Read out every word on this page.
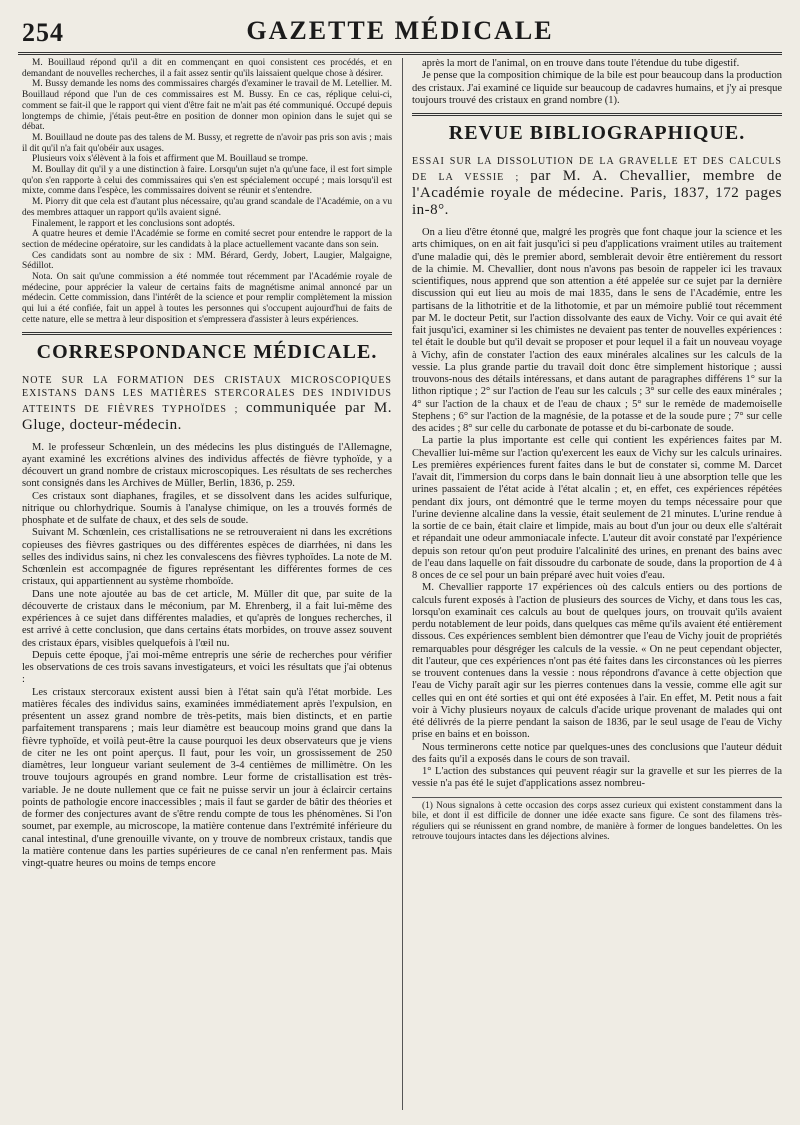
254	GAZETTE MÉDICALE

M. Bouillaud répond qu'il a dit en commençant en quoi consistent ces procédés, et en demandant de nouvelles recherches, il a fait assez sentir qu'ils laissaient quelque chose à désirer.

M. Bussy demande les noms des commissaires chargés d'examiner le travail de M. Letellier. M. Bouillaud répond que l'un de ces commissaires est M. Bussy. En ce cas, réplique celui-ci, comment se fait-il que le rapport qui vient d'être fait ne m'ait pas été communiqué. Occupé depuis longtemps de chimie, j'étais peut-être en position de donner mon opinion dans le sujet qui se débat.

M. Bouillaud ne doute pas des talens de M. Bussy, et regrette de n'avoir pas pris son avis ; mais il dit qu'il n'a fait qu'obéir aux usages.

Plusieurs voix s'élèvent à la fois et affirment que M. Bouillaud se trompe.

M. Boullay dit qu'il y a une distinction à faire. Lorsqu'un sujet n'a qu'une face, il est fort simple qu'on s'en rapporte à celui des commissaires qui s'en est spécialement occupé ; mais lorsqu'il est mixte, comme dans l'espèce, les commissaires doivent se réunir et s'entendre.

M. Piorry dit que cela est d'autant plus nécessaire, qu'au grand scandale de l'Académie, on a vu des membres attaquer un rapport qu'ils avaient signé.

Finalement, le rapport et les conclusions sont adoptés.

A quatre heures et demie l'Académie se forme en comité secret pour entendre le rapport de la section de médecine opératoire, sur les candidats à la place actuellement vacante dans son sein.

Ces candidats sont au nombre de six : MM. Bérard, Gerdy, Jobert, Laugier, Malgaigne, Sédillot.

Nota. On sait qu'une commission a été nommée tout récemment par l'Académie royale de médecine, pour apprécier la valeur de certains faits de magnétisme animal annoncé par un médecin. Cette commission, dans l'intérêt de la science et pour remplir complètement la mission qui lui a été confiée, fait un appel à toutes les personnes qui s'occupent aujourd'hui de faits de cette nature, elle se mettra à leur disposition et s'empressera d'assister à leurs expériences.

CORRESPONDANCE MÉDICALE.
NOTE SUR LA FORMATION DES CRISTAUX MICROSCOPIQUES EXISTANS DANS LES MATIÈRES STERCORALES DES INDIVIDUS ATTEINTS DE FIÈVRES TYPHOÏDES ; communiquée par M. Gluge, docteur-médecin.

M. le professeur Schœnlein, un des médecins les plus distingués de l'Allemagne, ayant examiné les excrétions alvines des individus affectés de fièvre typhoïde, y a découvert un grand nombre de cristaux microscopiques. Les résultats de ses recherches sont consignés dans les Archives de Müller, Berlin, 1836, p. 259.

Ces cristaux sont diaphanes, fragiles, et se dissolvent dans les acides sulfurique, nitrique ou chlorhydrique. Soumis à l'analyse chimique, on les a trouvés formés de phosphate et de sulfate de chaux, et des sels de soude.

Suivant M. Schœnlein, ces cristallisations ne se retrouveraient ni dans les excrétions copieuses des fièvres gastriques ou des différentes espèces de diarrhées, ni dans les selles des individus sains, ni chez les convalescens des fièvres typhoïdes. La note de M. Schœnlein est accompagnée de figures représentant les différentes formes de ces cristaux, qui appartiennent au système rhomboïde.

Dans une note ajoutée au bas de cet article, M. Müller dit que, par suite de la découverte de cristaux dans le méconium, par M. Ehrenberg, il a fait lui-même des expériences à ce sujet dans différentes maladies, et qu'après de longues recherches, il est arrivé à cette conclusion, que dans certains états morbides, on trouve assez souvent des cristaux épars, visibles quelquefois à l'œil nu.

Depuis cette époque, j'ai moi-même entrepris une série de recherches pour vérifier les observations de ces trois savans investigateurs, et voici les résultats que j'ai obtenus :

Les cristaux stercoraux existent aussi bien à l'état sain qu'à l'état morbide. Les matières fécales des individus sains, examinées immédiatement après l'expulsion, en présentent un assez grand nombre de très-petits, mais bien distincts, et en partie parfaitement transparens ; mais leur diamètre est beaucoup moins grand que dans la fièvre typhoïde, et voilà peut-être la cause pourquoi les deux observateurs que je viens de citer ne les ont point aperçus. Il faut, pour les voir, un grossissement de 250 diamètres, leur longueur variant seulement de 3-4 centièmes de millimètre. On les trouve toujours agroupés en grand nombre. Leur forme de cristallisation est très-variable. Je ne doute nullement que ce fait ne puisse servir un jour à éclaircir certains points de pathologie encore inaccessibles ; mais il faut se garder de bâtir des théories et de former des conjectures avant de s'être rendu compte de tous les phénomènes. Si l'on soumet, par exemple, au microscope, la matière contenue dans l'extrémité inférieure du canal intestinal, d'une grenouille vivante, on y trouve de nombreux cristaux, tandis que la matière contenue dans les parties supérieures de ce canal n'en renferment pas. Mais vingt-quatre heures ou moins de temps encore

après la mort de l'animal, on en trouve dans toute l'étendue du tube digestif.

Je pense que la composition chimique de la bile est pour beaucoup dans la production des cristaux. J'ai examiné ce liquide sur beaucoup de cadavres humains, et j'y ai presque toujours trouvé des cristaux en grand nombre (1).

REVUE BIBLIOGRAPHIQUE.
ESSAI SUR LA DISSOLUTION DE LA GRAVELLE ET DES CALCULS DE LA VESSIE ; par M. A. Chevallier, membre de l'Académie royale de médecine. Paris, 1837, 172 pages in-8°.

On a lieu d'être étonné que, malgré les progrès que font chaque jour la science et les arts chimiques, on en ait fait jusqu'ici si peu d'applications vraiment utiles au traitement d'une maladie qui, dès le premier abord, semblerait devoir être entièrement du ressort de la chimie. M. Chevallier, dont nous n'avons pas besoin de rappeler ici les travaux scientifiques, nous apprend que son attention a été appelée sur ce sujet par la dernière discussion qui eut lieu au mois de mai 1835, dans le sens de l'Académie, entre les partisans de la lithotritie et de la lithotomie, et par un mémoire publié tout récemment par M. le docteur Petit, sur l'action dissolvante des eaux de Vichy. Voir ce qui avait été fait jusqu'ici, examiner si les chimistes ne devaient pas tenter de nouvelles expériences : tel était le double but qu'il devait se proposer et pour lequel il a fait un nouveau voyage à Vichy, afin de constater l'action des eaux minérales alcalines sur les calculs de la vessie. La plus grande partie du travail doit donc être simplement historique ; aussi trouvons-nous des détails intéressans, et dans autant de paragraphes différens 1° sur la lithon riptique ; 2° sur l'action de l'eau sur les calculs ; 3° sur celle des eaux minérales ; 4° sur l'action de la chaux et de l'eau de chaux ; 5° sur le remède de mademoiselle Stephens ; 6° sur l'action de la magnésie, de la potasse et de la soude pure ; 7° sur celle des acides ; 8° sur celle du carbonate de potasse et du bi-carbonate de soude.

La partie la plus importante est celle qui contient les expériences faites par M. Chevallier lui-même sur l'action qu'exercent les eaux de Vichy sur les calculs urinaires. Les premières expériences furent faites dans le but de constater si, comme M. Darcet l'avait dit, l'immersion du corps dans le bain donnait lieu à une absorption telle que les urines passaient de l'état acide à l'état alcalin ; et, en effet, ces expériences répétées pendant dix jours, ont démontré que le terme moyen du temps nécessaire pour que l'urine devienne alcaline dans la vessie, était seulement de 21 minutes. L'urine rendue à la sortie de ce bain, était claire et limpide, mais au bout d'un jour ou deux elle s'altérait et répandait une odeur ammoniacale infecte. L'auteur dit avoir constaté par l'expérience depuis son retour qu'on peut produire l'alcalinité des urines, en prenant des bains avec de l'eau dans laquelle on fait dissoudre du carbonate de soude, dans la proportion de 4 à 8 onces de ce sel pour un bain préparé avec huit voies d'eau.

M. Chevallier rapporte 17 expériences où des calculs entiers ou des portions de calculs furent exposés à l'action de plusieurs des sources de Vichy, et dans tous les cas, lorsqu'on examinait ces calculs au bout de quelques jours, on trouvait qu'ils avaient perdu notablement de leur poids, dans quelques cas même qu'ils avaient été entièrement dissous. Ces expériences semblent bien démontrer que l'eau de Vichy jouit de propriétés remarquables pour désgréger les calculs de la vessie. « On ne peut cependant objecter, dit l'auteur, que ces expériences n'ont pas été faites dans les circonstances où les pierres se trouvent contenues dans la vessie : nous répondrons d'avance à cette objection que l'eau de Vichy paraît agir sur les pierres contenues dans la vessie, comme elle agit sur celles qui en ont été sorties et qui ont été exposées à l'air. En effet, M. Petit nous a fait voir à Vichy plusieurs noyaux de calculs d'acide urique provenant de malades qui ont été délivrés de la pierre pendant la saison de 1836, par le seul usage de l'eau de Vichy prise en bains et en boisson.

Nous terminerons cette notice par quelques-unes des conclusions que l'auteur déduit des faits qu'il a exposés dans le cours de son travail.

1° L'action des substances qui peuvent réagir sur la gravelle et sur les pierres de la vessie n'a pas été le sujet d'applications assez nombreu-

(1) Nous signalons à cette occasion des corps assez curieux qui existent constamment dans la bile, et dont il est difficile de donner une idée exacte sans figure. Ce sont des filamens très-réguliers qui se réunissent en grand nombre, de manière à former de longues bandelettes. On les retrouve toujours intactes dans les déjections alvines.
